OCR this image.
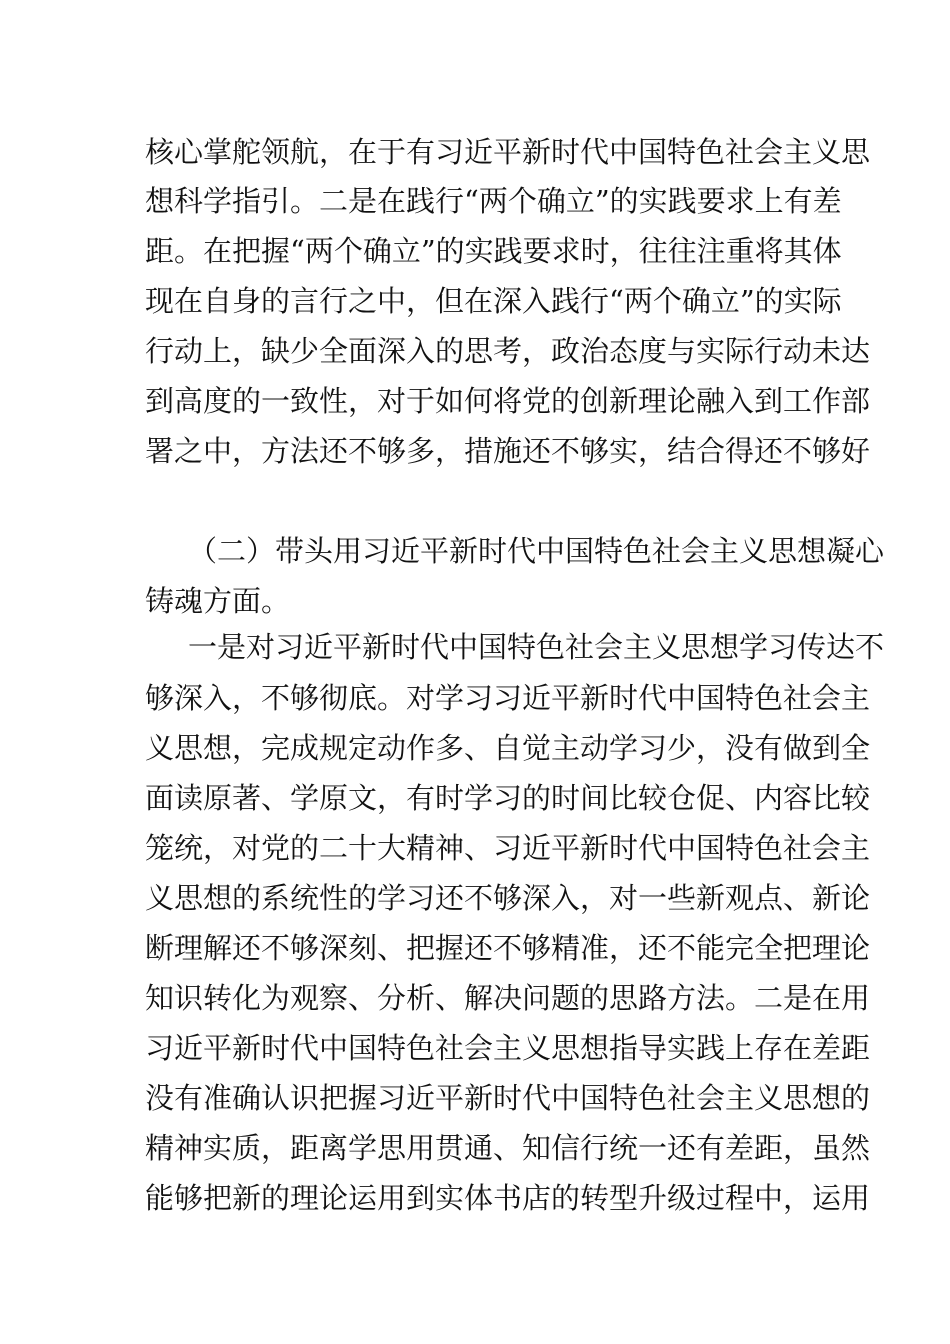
核心掌舵领航，在于有习近平新时代中国特色社会主义思
想科学指引。二是在践行“两个确立”的实践要求上有差
距。在把握“两个确立”的实践要求时，往往注重将其体
现在自身的言行之中，但在深入践行“两个确立”的实际
行动上，缺少全面深入的思考，政治态度与实际行动未达
到高度的一致性，对于如何将党的创新理论融入到工作部
署之中，方法还不够多，措施还不够实，结合得还不够好
（二）带头用习近平新时代中国特色社会主义思想凝心
铸魂方面。
一是对习近平新时代中国特色社会主义思想学习传达不
够深入，不够彻底。对学习习近平新时代中国特色社会主
义思想，完成规定动作多、自觉主动学习少，没有做到全
面读原著、学原文，有时学习的时间比较仓促、内容比较
笼统，对党的二十大精神、习近平新时代中国特色社会主
义思想的系统性的学习还不够深入，对一些新观点、新论
断理解还不够深刻、把握还不够精准，还不能完全把理论
知识转化为观察、分析、解决问题的思路方法。二是在用
习近平新时代中国特色社会主义思想指导实践上存在差距
没有准确认识把握习近平新时代中国特色社会主义思想的
精神实质，距离学思用贯通、知信行统一还有差距，虽然
能够把新的理论运用到实体书店的转型升级过程中，运用
